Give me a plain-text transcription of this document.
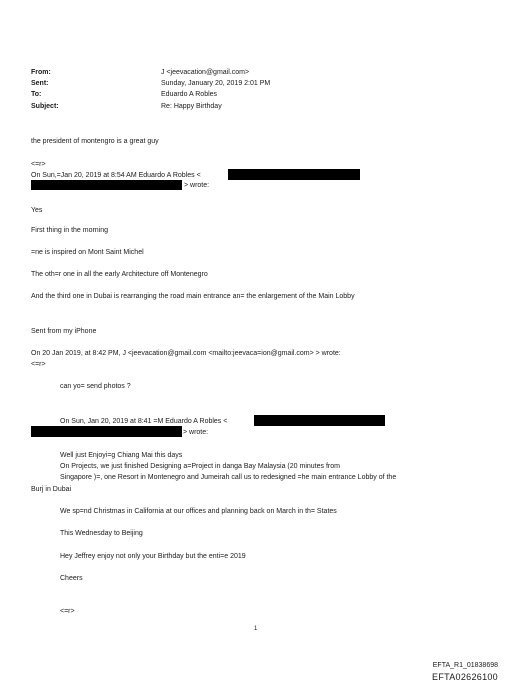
From:
Sent:
To:
Subject:
J <jeevacation@gmail.com>
Sunday, January 20, 2019 2:01 PM
Eduardo A Robles
Re: Happy Birthday
the president of montengro is a great guy
<=r>
On Sun,=Jan 20, 2019 at 8:54 AM Eduardo A Robles <
> wrote:
Yes
First thing in the morning
=ne is inspired on Mont Saint Michel
The oth=r one in all the early Architecture off Montenegro
And the third one in Dubai is rearranging the road main entrance an= the enlargement of the Main Lobby
Sent from my iPhone
On 20 Jan 2019, at 8:42 PM, J <jeevacation@gmail.com <mailto:jeevaca=ion@gmail.com> > wrote:
<=r>
can yo= send photos ?
On Sun, Jan 20, 2019 at 8:41 =M Eduardo A Robles <
> wrote:
Well just Enjoyi=g Chiang Mai this days
On Projects, we just finished Designing a=Project in danga Bay Malaysia (20 minutes from
Singapore )=, one Resort in Montenegro and Jumeirah call us to redesigned =he main entrance Lobby of the
Burj in Dubai
We sp=nd Christmas in California at our offices and planning back on March in th= States
This Wednesday to Beijing
Hey Jeffrey enjoy not only your Birthday but the enti=e 2019
Cheers
<=r>
1
EFTA_R1_01838698
EFTA02626100
